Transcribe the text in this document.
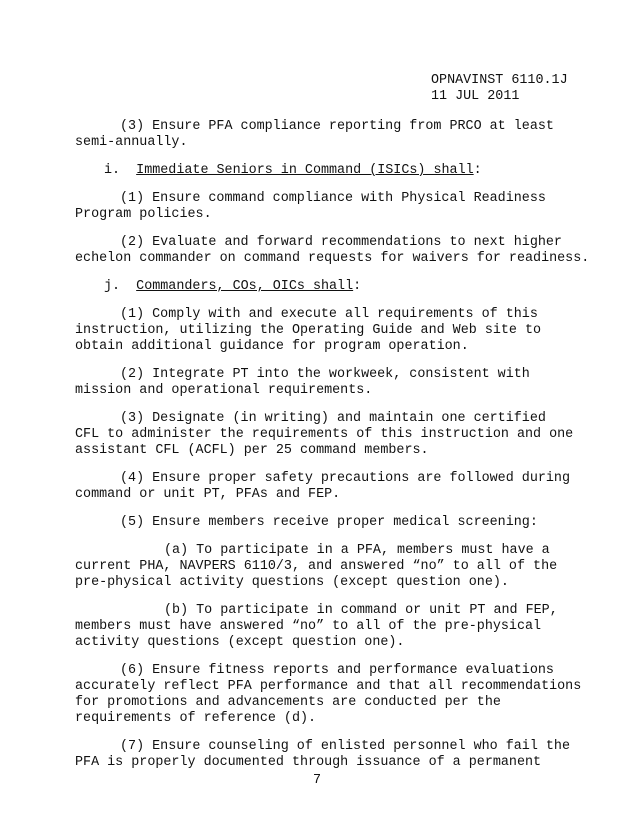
OPNAVINST 6110.1J
11 JUL 2011
(3) Ensure PFA compliance reporting from PRCO at least
semi-annually.
i. Immediate Seniors in Command (ISICs) shall:
(1) Ensure command compliance with Physical Readiness
Program policies.
(2) Evaluate and forward recommendations to next higher
echelon commander on command requests for waivers for readiness.
j. Commanders, COs, OICs shall:
(1) Comply with and execute all requirements of this
instruction, utilizing the Operating Guide and Web site to
obtain additional guidance for program operation.
(2) Integrate PT into the workweek, consistent with
mission and operational requirements.
(3) Designate (in writing) and maintain one certified
CFL to administer the requirements of this instruction and one
assistant CFL (ACFL) per 25 command members.
(4) Ensure proper safety precautions are followed during
command or unit PT, PFAs and FEP.
(5) Ensure members receive proper medical screening:
(a) To participate in a PFA, members must have a
current PHA, NAVPERS 6110/3, and answered “no” to all of the
pre-physical activity questions (except question one).
(b) To participate in command or unit PT and FEP,
members must have answered “no” to all of the pre-physical
activity questions (except question one).
(6) Ensure fitness reports and performance evaluations
accurately reflect PFA performance and that all recommendations
for promotions and advancements are conducted per the
requirements of reference (d).
(7) Ensure counseling of enlisted personnel who fail the
PFA is properly documented through issuance of a permanent
7
